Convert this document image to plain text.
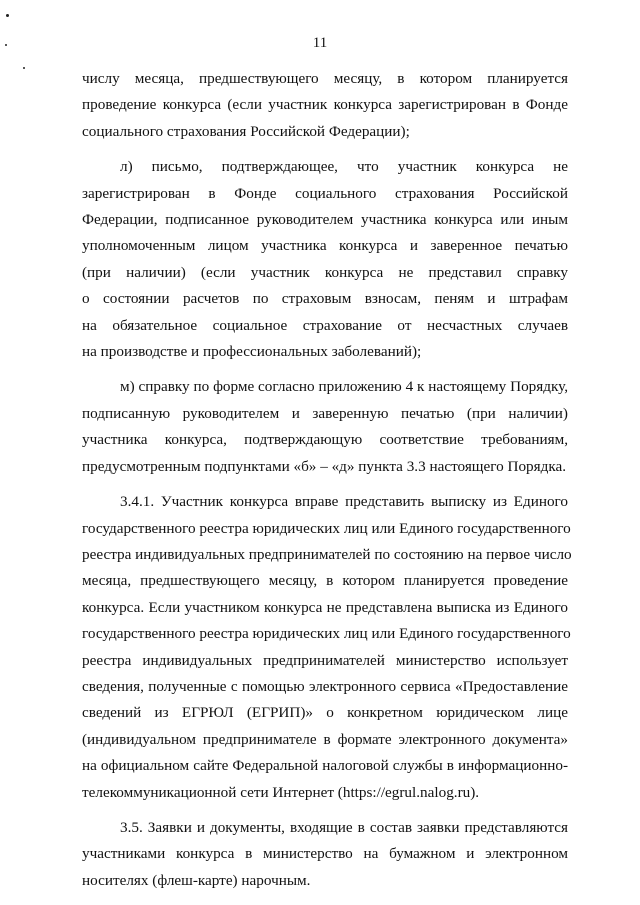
11
числу месяца, предшествующего месяцу, в котором планируется
проведение конкурса (если участник конкурса зарегистрирован в Фонде
социального страхования Российской Федерации);
л) письмо, подтверждающее, что участник конкурса не
зарегистрирован в Фонде социального страхования Российской
Федерации, подписанное руководителем участника конкурса или иным
уполномоченным лицом участника конкурса и заверенное печатью
(при наличии) (если участник конкурса не представил справку
о состоянии расчетов по страховым взносам, пеням и штрафам
на обязательное социальное страхование от несчастных случаев
на производстве и профессиональных заболеваний);
м) справку по форме согласно приложению 4 к настоящему Порядку,
подписанную руководителем и заверенную печатью (при наличии)
участника конкурса, подтверждающую соответствие требованиям,
предусмотренным подпунктами «б» – «д» пункта 3.3 настоящего Порядка.
3.4.1. Участник конкурса вправе представить выписку из Единого
государственного реестра юридических лиц или Единого государственного
реестра индивидуальных предпринимателей по состоянию на первое число
месяца, предшествующего месяцу, в котором планируется проведение
конкурса. Если участником конкурса не представлена выписка из Единого
государственного реестра юридических лиц или Единого государственного
реестра индивидуальных предпринимателей министерство использует
сведения, полученные с помощью электронного сервиса «Предоставление
сведений из ЕГРЮЛ (ЕГРИП)» о конкретном юридическом лице
(индивидуальном предпринимателе в формате электронного документа»
на официальном сайте Федеральной налоговой службы в информационно-
телекоммуникационной сети Интернет (https://egrul.nalog.ru).
3.5. Заявки и документы, входящие в состав заявки представляются
участниками конкурса в министерство на бумажном и электронном
носителях (флеш-карте) нарочным.
